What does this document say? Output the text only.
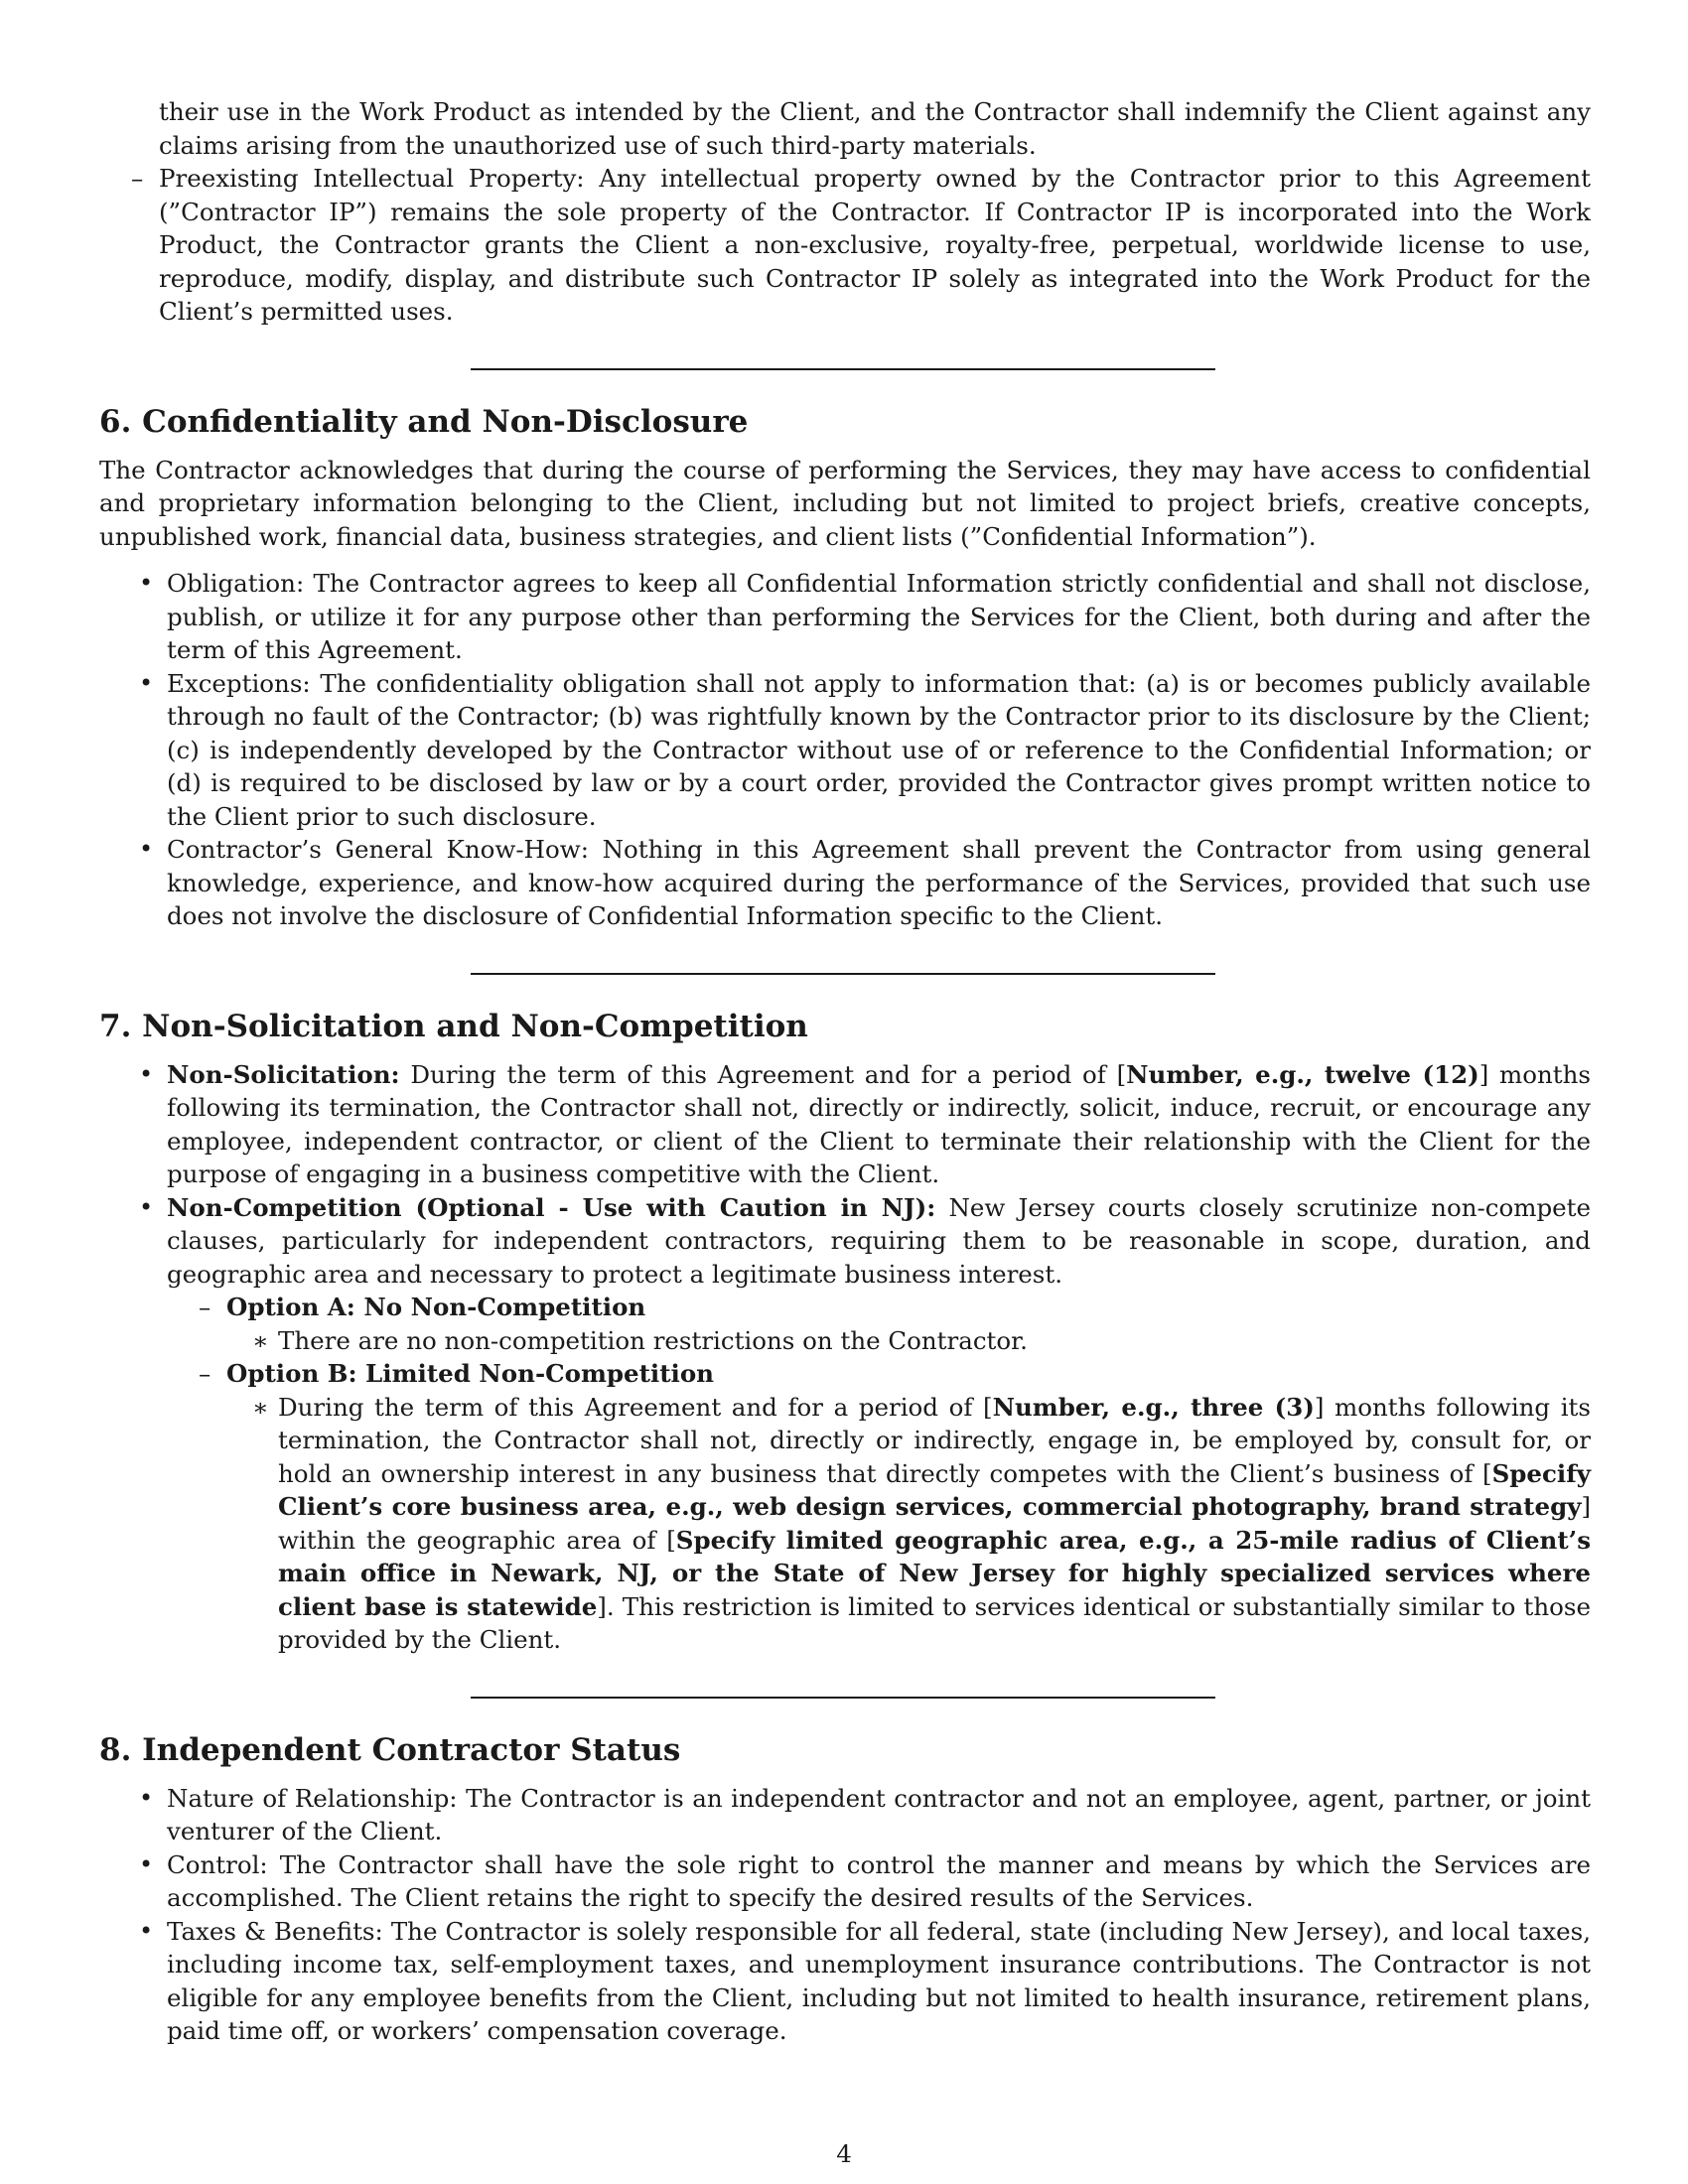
their use in the Work Product as intended by the Client, and the Contractor shall indemnify the Client against any claims arising from the unauthorized use of such third-party materials.
– Preexisting Intellectual Property: Any intellectual property owned by the Contractor prior to this Agreement (”Contractor IP”) remains the sole property of the Contractor. If Contractor IP is incorporated into the Work Product, the Contractor grants the Client a non-exclusive, royalty-free, perpetual, worldwide license to use, reproduce, modify, display, and distribute such Contractor IP solely as integrated into the Work Product for the Client’s permitted uses.
6. Confidentiality and Non-Disclosure

The Contractor acknowledges that during the course of performing the Services, they may have access to confidential and proprietary information belonging to the Client, including but not limited to project briefs, creative concepts, unpublished work, financial data, business strategies, and client lists (”Confidential Information”).

• Obligation: The Contractor agrees to keep all Confidential Information strictly confidential and shall not disclose, publish, or utilize it for any purpose other than performing the Services for the Client, both during and after the term of this Agreement.
• Exceptions: The confidentiality obligation shall not apply to information that: (a) is or becomes publicly available through no fault of the Contractor; (b) was rightfully known by the Contractor prior to its disclosure by the Client; (c) is independently developed by the Contractor without use of or reference to the Confidential Information; or (d) is required to be disclosed by law or by a court order, provided the Contractor gives prompt written notice to the Client prior to such disclosure.
• Contractor’s General Know-How: Nothing in this Agreement shall prevent the Contractor from using general knowledge, experience, and know-how acquired during the performance of the Services, provided that such use does not involve the disclosure of Confidential Information specific to the Client.
7. Non-Solicitation and Non-Competition
• Non-Solicitation: During the term of this Agreement and for a period of [Number, e.g., twelve (12)] months following its termination, the Contractor shall not, directly or indirectly, solicit, induce, recruit, or encourage any employee, independent contractor, or client of the Client to terminate their relationship with the Client for the purpose of engaging in a business competitive with the Client.
• Non-Competition (Optional - Use with Caution in NJ): New Jersey courts closely scrutinize non-compete clauses, particularly for independent contractors, requiring them to be reasonable in scope, duration, and geographic area and necessary to protect a legitimate business interest.
– Option A: No Non-Competition
∗ There are no non-competition restrictions on the Contractor.
– Option B: Limited Non-Competition
∗ During the term of this Agreement and for a period of [Number, e.g., three (3)] months following its termination, the Contractor shall not, directly or indirectly, engage in, be employed by, consult for, or hold an ownership interest in any business that directly competes with the Client’s business of [Specify Client’s core business area, e.g., web design services, commercial photography, brand strategy] within the geographic area of [Specify limited geographic area, e.g., a 25-mile radius of Client’s main office in Newark, NJ, or the State of New Jersey for highly specialized services where client base is statewide]. This restriction is limited to services identical or substantially similar to those provided by the Client.
8. Independent Contractor Status
• Nature of Relationship: The Contractor is an independent contractor and not an employee, agent, partner, or joint venturer of the Client.
• Control: The Contractor shall have the sole right to control the manner and means by which the Services are accomplished. The Client retains the right to specify the desired results of the Services.
• Taxes & Benefits: The Contractor is solely responsible for all federal, state (including New Jersey), and local taxes, including income tax, self-employment taxes, and unemployment insurance contributions. The Contractor is not eligible for any employee benefits from the Client, including but not limited to health insurance, retirement plans, paid time off, or workers’ compensation coverage.
4
